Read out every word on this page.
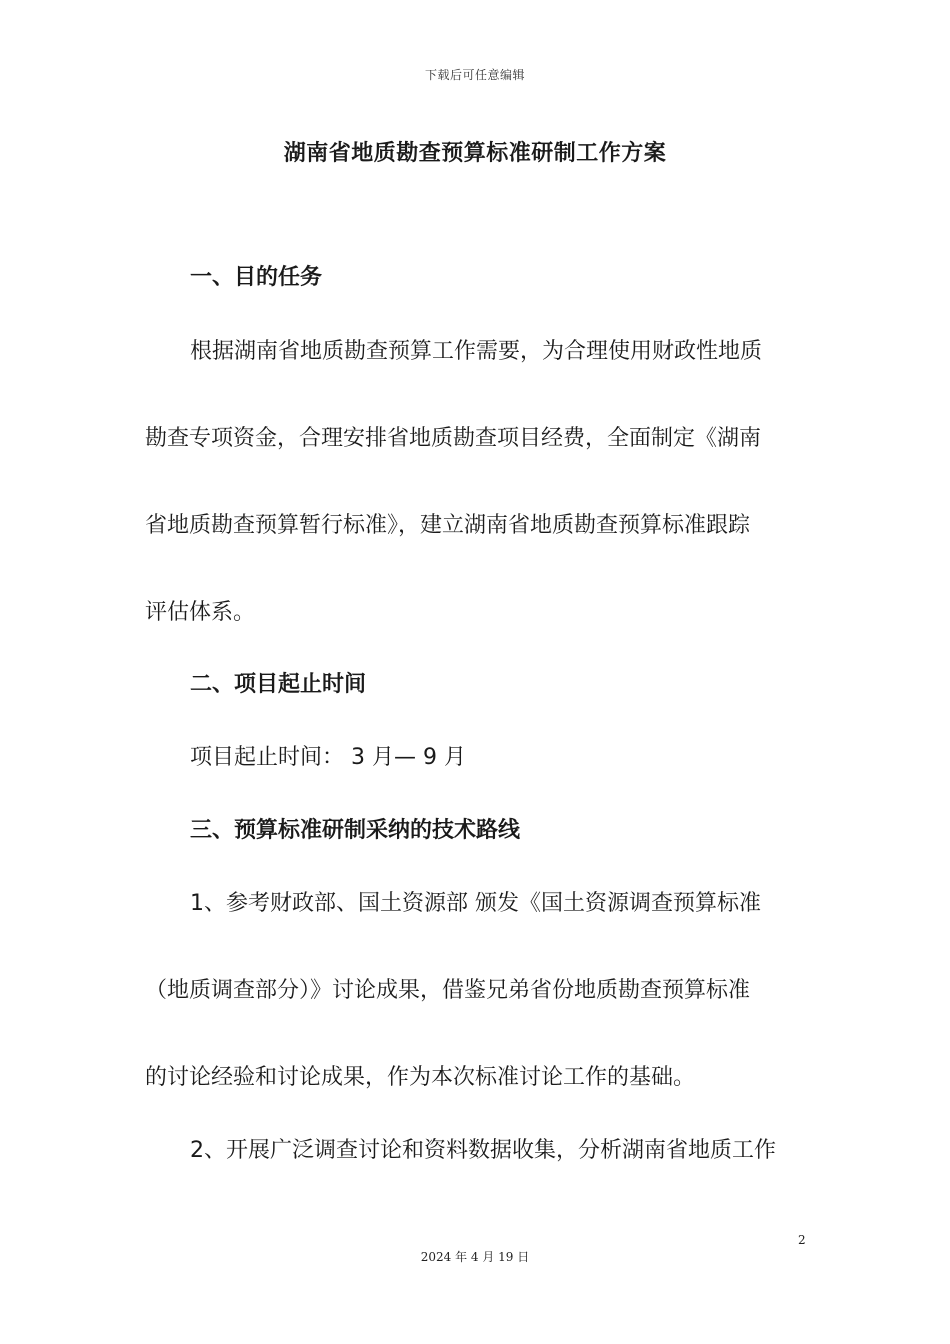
下载后可任意编辑
湖南省地质勘查预算标准研制工作方案
一、目的任务
根据湖南省地质勘查预算工作需要，为合理使用财政性地质
勘查专项资金，合理安排省地质勘查项目经费，全面制定《湖南
省地质勘查预算暂行标准》，建立湖南省地质勘查预算标准跟踪
评估体系。
二、项目起止时间
项目起止时间： 3 月— 9 月
三、预算标准研制采纳的技术路线
1、参考财政部、国土资源部 颁发《国土资源调查预算标准
（地质调查部分）》讨论成果，借鉴兄弟省份地质勘查预算标准
的讨论经验和讨论成果，作为本次标准讨论工作的基础。
2、开展广泛调查讨论和资料数据收集，分析湖南省地质工作
2
2024 年 4 月 19 日
